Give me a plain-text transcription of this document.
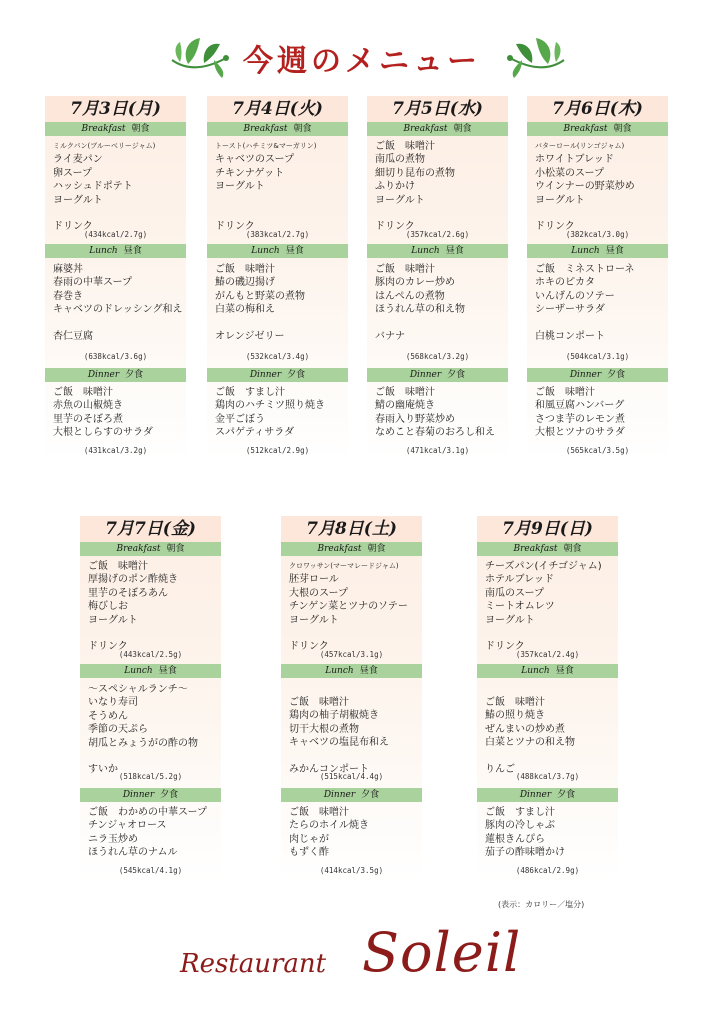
今週のメニュー
7月3日(月)
Breakfast 朝食
ミルクパン(ブルーベリージャム)
ライ麦パン
卵スープ
ハッシュドポテト
ヨーグルト
ドリンク
(434kcal/2.7g)
Lunch 昼食
麻婆丼
春雨の中華スープ
春巻き
キャベツのドレッシング和え
杏仁豆腐
(638kcal/3.6g)
Dinner 夕食
ご飯　味噌汁
赤魚の山椒焼き
里芋のそぼろ煮
大根としらすのサラダ
(431kcal/3.2g)
7月4日(火)
Breakfast 朝食
トースト(ハチミツ&マーガリン)
キャベツのスープ
チキンナゲット
ヨーグルト
ドリンク
(383kcal/2.7g)
Lunch 昼食
ご飯　味噌汁
鰆の磯辺揚げ
がんもと野菜の煮物
白菜の梅和え
オレンジゼリー
(532kcal/3.4g)
Dinner 夕食
ご飯　すまし汁
鶏肉のハチミツ照り焼き
金平ごぼう
スパゲティサラダ
(512kcal/2.9g)
7月5日(水)
Breakfast 朝食
ご飯　味噌汁
南瓜の煮物
細切り昆布の煮物
ふりかけ
ヨーグルト
ドリンク
(357kcal/2.6g)
Lunch 昼食
ご飯　味噌汁
豚肉のカレー炒め
はんぺんの煮物
ほうれん草の和え物
バナナ
(568kcal/3.2g)
Dinner 夕食
ご飯　味噌汁
鯖の幽庵焼き
春雨入り野菜炒め
なめこと春菊のおろし和え
(471kcal/3.1g)
7月6日(木)
Breakfast 朝食
バターロール(リンゴジャム)
ホワイトブレッド
小松菜のスープ
ウインナーの野菜炒め
ヨーグルト
ドリンク
(382kcal/3.0g)
Lunch 昼食
ご飯　ミネストローネ
ホキのピカタ
いんげんのソテー
シーザーサラダ
白桃コンポート
(504kcal/3.1g)
Dinner 夕食
ご飯　味噌汁
和風豆腐ハンバーグ
さつま芋のレモン煮
大根とツナのサラダ
(565kcal/3.5g)
7月7日(金)
Breakfast 朝食
ご飯　味噌汁
厚揚げのポン酢焼き
里芋のそぼろあん
梅びしお
ヨーグルト
ドリンク
(443kcal/2.5g)
Lunch 昼食
〜スペシャルランチ〜
いなり寿司
そうめん
季節の天ぷら
胡瓜とみょうがの酢の物
すいか
(518kcal/5.2g)
Dinner 夕食
ご飯　わかめの中華スープ
チンジャオロース
ニラ玉炒め
ほうれん草のナムル
(545kcal/4.1g)
7月8日(土)
Breakfast 朝食
クロワッサン(マーマレードジャム)
胚芽ロール
大根のスープ
チンゲン菜とツナのソテー
ヨーグルト
ドリンク
(457kcal/3.1g)
Lunch 昼食
ご飯　味噌汁
鶏肉の柚子胡椒焼き
切干大根の煮物
キャベツの塩昆布和え
みかんコンポート
(515kcal/4.4g)
Dinner 夕食
ご飯　味噌汁
たらのホイル焼き
肉じゃが
もずく酢
(414kcal/3.5g)
7月9日(日)
Breakfast 朝食
チーズパン(イチゴジャム)
ホテルブレッド
南瓜のスープ
ミートオムレツ
ヨーグルト
ドリンク
(357kcal/2.4g)
Lunch 昼食
ご飯　味噌汁
鰆の照り焼き
ぜんまいの炒め煮
白菜とツナの和え物
りんご
(488kcal/3.7g)
Dinner 夕食
ご飯　すまし汁
豚肉の冷しゃぶ
蓮根きんぴら
茄子の酢味噌かけ
(486kcal/2.9g)
(表示：カロリー／塩分)
Restaurant Soleil
